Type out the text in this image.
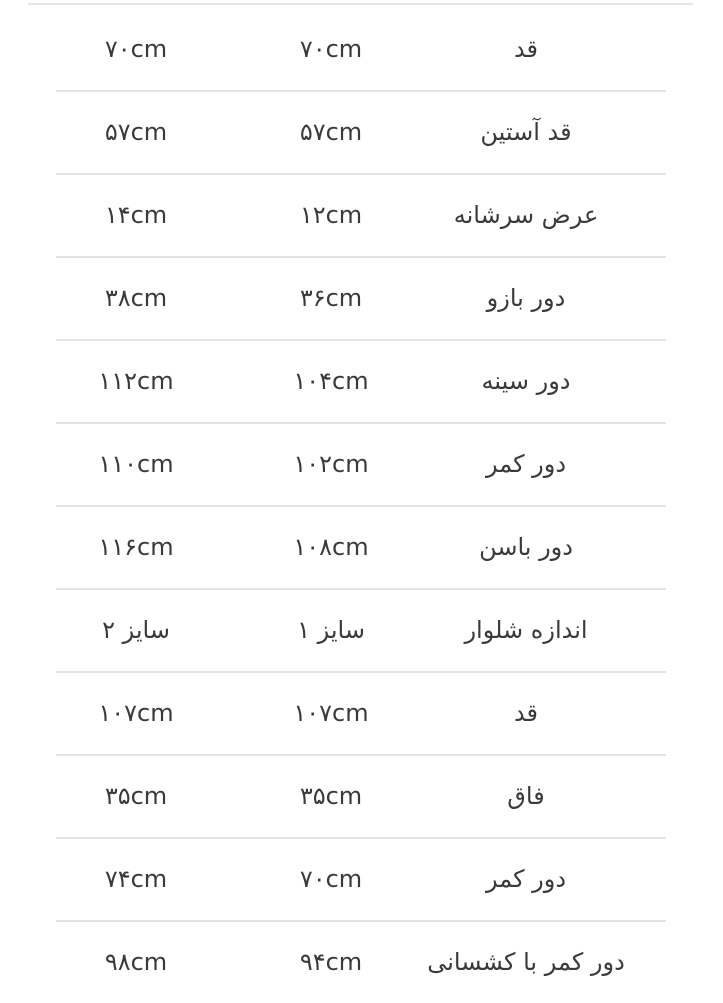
قد
۷۰cm
۷۰cm
قد آستین
۵۷cm
۵۷cm
عرض سرشانه
۱۲cm
۱۴cm
دور بازو
۳۶cm
۳۸cm
دور سینه
۱۰۴cm
۱۱۲cm
دور کمر
۱۰۲cm
۱۱۰cm
دور باسن
۱۰۸cm
۱۱۶cm
اندازه شلوار
سایز ۱
سایز ۲
قد
۱۰۷cm
۱۰۷cm
فاق
۳۵cm
۳۵cm
دور کمر
۷۰cm
۷۴cm
دور کمر با کشسانی
۹۴cm
۹۸cm
